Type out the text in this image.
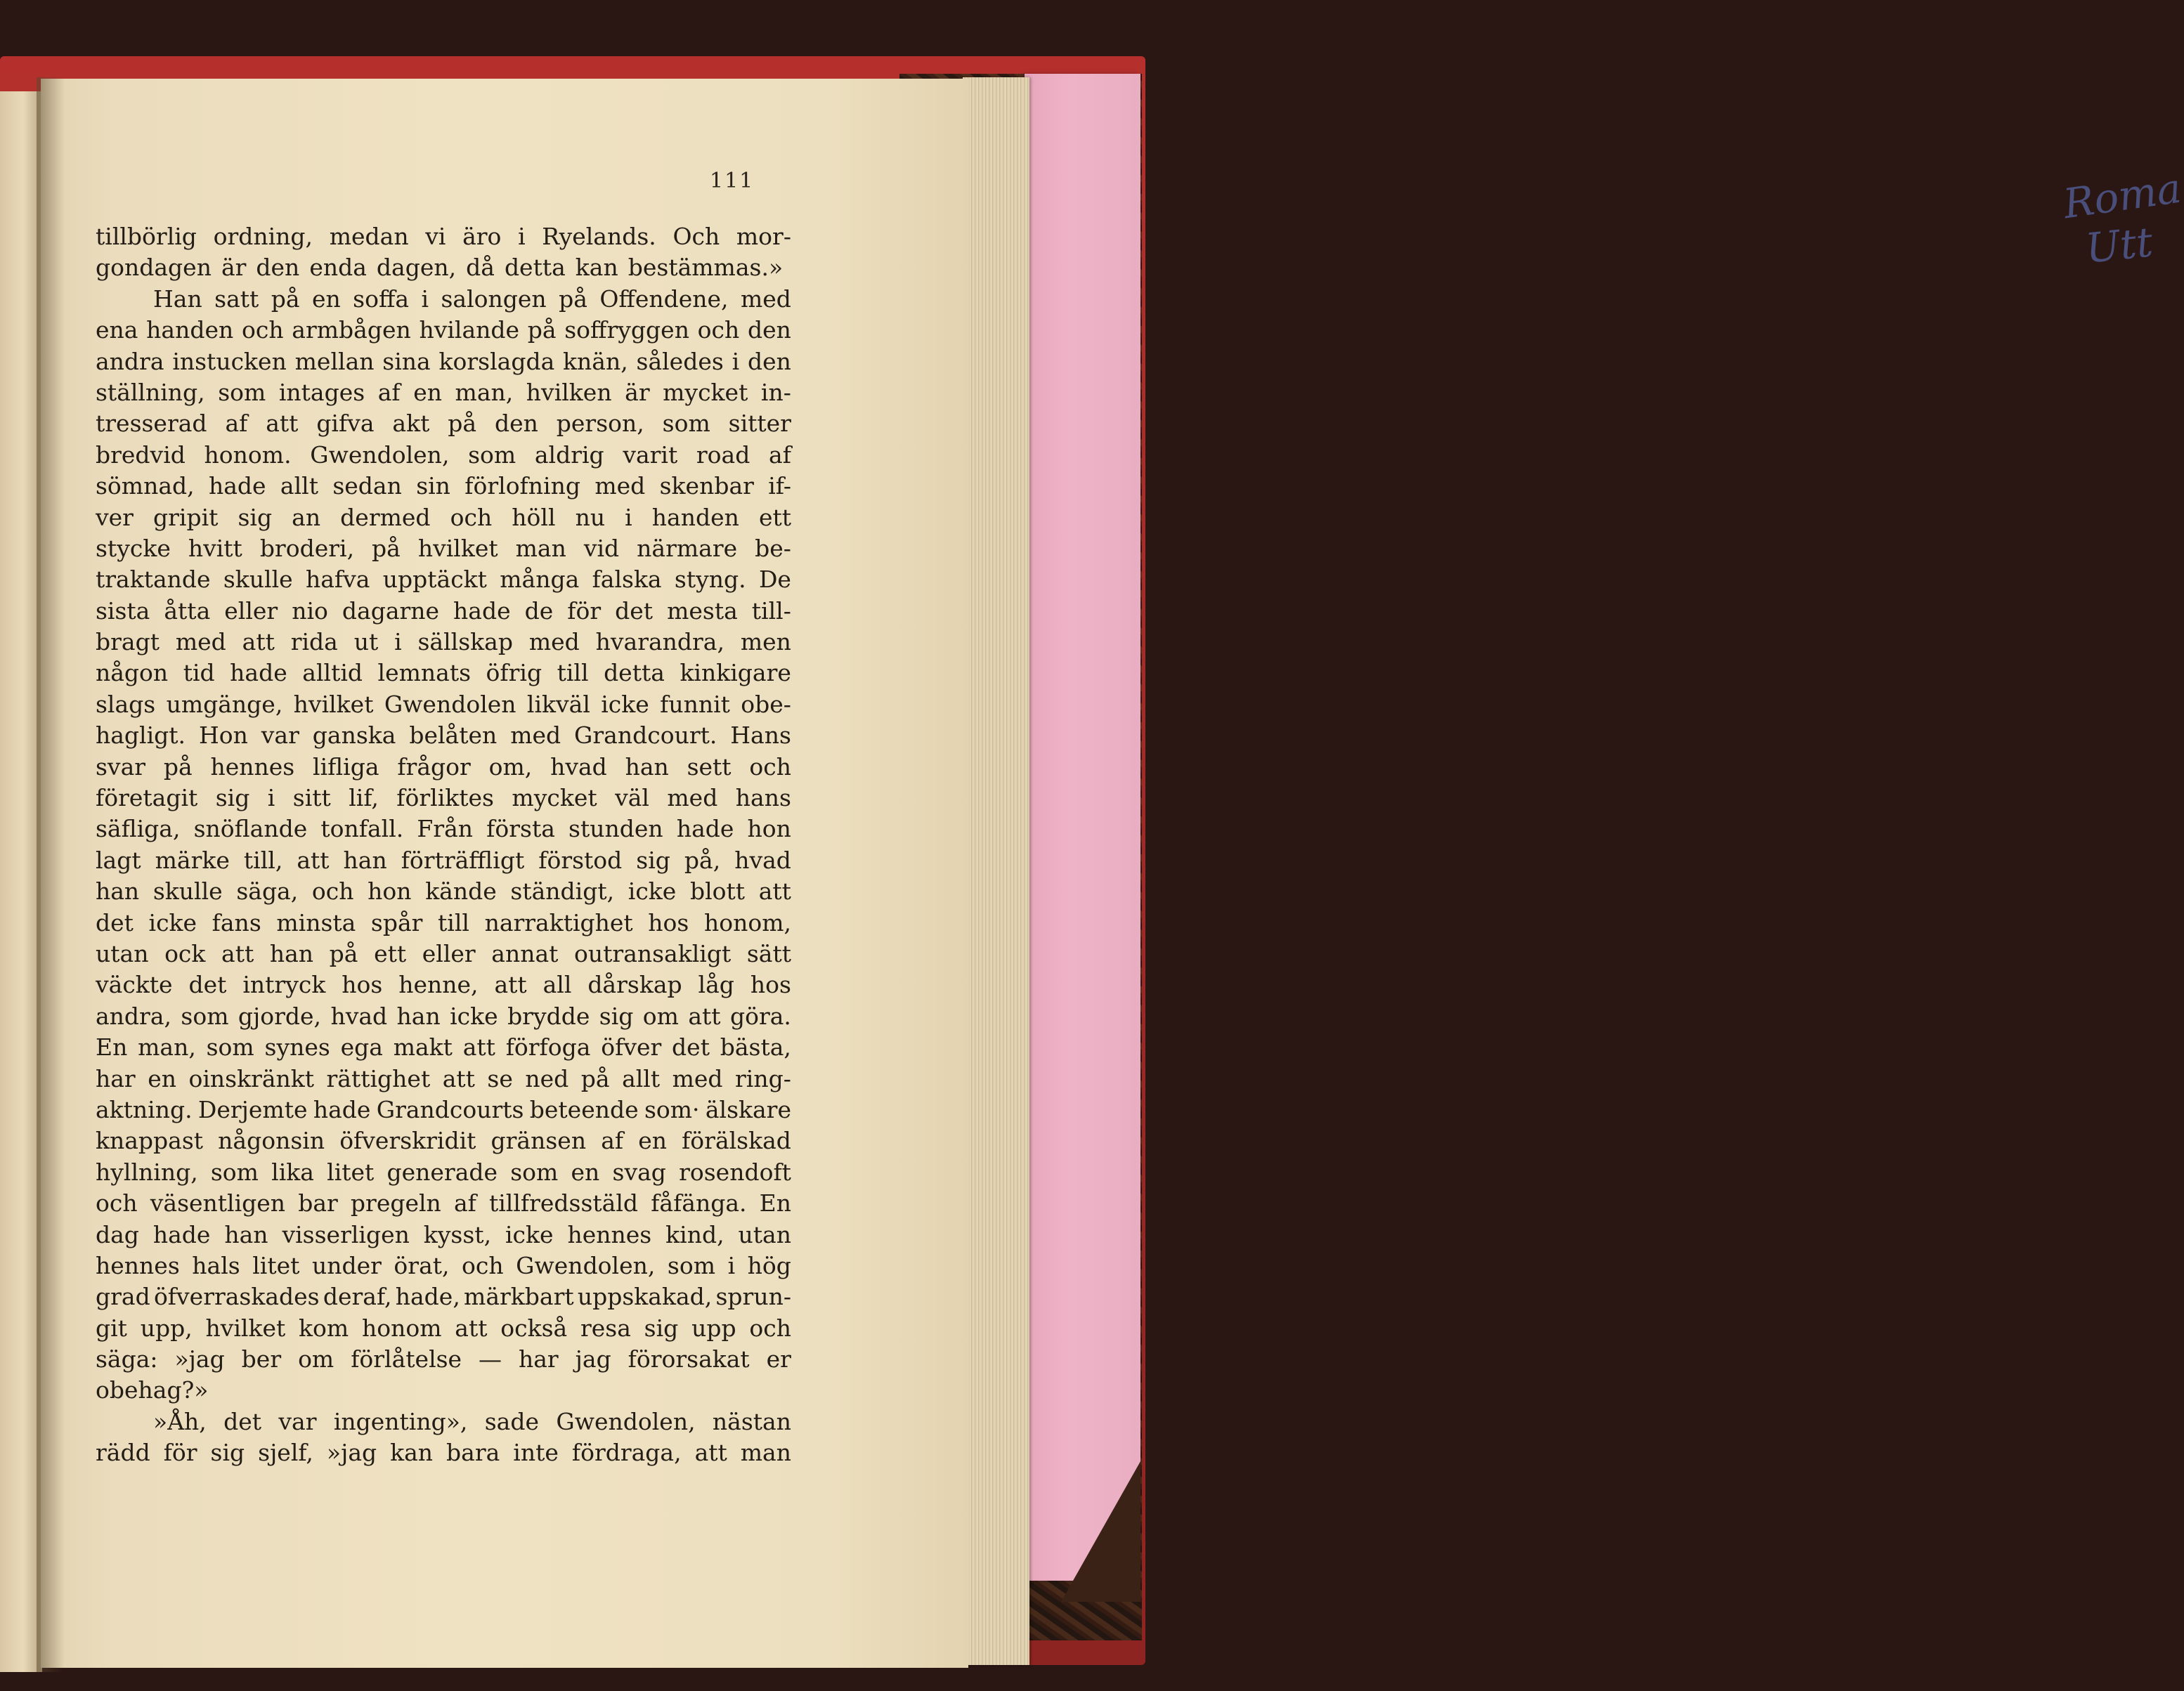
Roma
Utt
111
tillbörlig ordning, medan vi äro i Ryelands. Och mor-
gondagen är den enda dagen, då detta kan bestämmas.»
Han satt på en soffa i salongen på Offendene, med
ena handen och armbågen hvilande på soffryggen och den
andra instucken mellan sina korslagda knän, således i den
ställning, som intages af en man, hvilken är mycket in-
tresserad af att gifva akt på den person, som sitter
bredvid honom. Gwendolen, som aldrig varit road af
sömnad, hade allt sedan sin förlofning med skenbar if-
ver gripit sig an dermed och höll nu i handen ett
stycke hvitt broderi, på hvilket man vid närmare be-
traktande skulle hafva upptäckt många falska styng. De
sista åtta eller nio dagarne hade de för det mesta till-
bragt med att rida ut i sällskap med hvarandra, men
någon tid hade alltid lemnats öfrig till detta kinkigare
slags umgänge, hvilket Gwendolen likväl icke funnit obe-
hagligt. Hon var ganska belåten med Grandcourt. Hans
svar på hennes lifliga frågor om, hvad han sett och
företagit sig i sitt lif, förliktes mycket väl med hans
säfliga, snöflande tonfall. Från första stunden hade hon
lagt märke till, att han förträffligt förstod sig på, hvad
han skulle säga, och hon kände ständigt, icke blott att
det icke fans minsta spår till narraktighet hos honom,
utan ock att han på ett eller annat outransakligt sätt
väckte det intryck hos henne, att all dårskap låg hos
andra, som gjorde, hvad han icke brydde sig om att göra.
En man, som synes ega makt att förfoga öfver det bästa,
har en oinskränkt rättighet att se ned på allt med ring-
aktning. Derjemte hade Grandcourts beteende som· älskare
knappast någonsin öfverskridit gränsen af en förälskad
hyllning, som lika litet generade som en svag rosendoft
och väsentligen bar pregeln af tillfredsstäld fåfänga. En
dag hade han visserligen kysst, icke hennes kind, utan
hennes hals litet under örat, och Gwendolen, som i hög
grad öfverraskades deraf, hade, märkbart uppskakad, sprun-
git upp, hvilket kom honom att också resa sig upp och
säga: »jag ber om förlåtelse — har jag förorsakat er
obehag?»
»Åh, det var ingenting», sade Gwendolen, nästan
rädd för sig sjelf, »jag kan bara inte fördraga, att man
